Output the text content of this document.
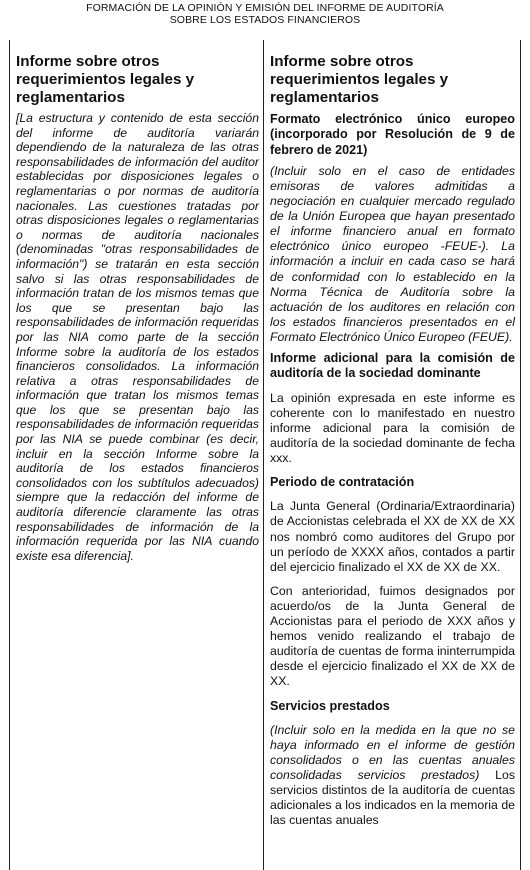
FORMACIÓN DE LA OPINIÓN Y EMISIÓN DEL INFORME DE AUDITORÍA
SOBRE LOS ESTADOS FINANCIEROS
Informe sobre otros requerimientos legales y reglamentarios

[La estructura y contenido de esta sección del informe de auditoría variarán dependiendo de la naturaleza de las otras responsabilidades de información del auditor establecidas por disposiciones legales o reglamentarias o por normas de auditoría nacionales. Las cuestiones tratadas por otras disposiciones legales o reglamentarias o normas de auditoría nacionales (denominadas "otras responsabilidades de información") se tratarán en esta sección salvo si las otras responsabilidades de información tratan de los mismos temas que los que se presentan bajo las responsabilidades de información requeridas por las NIA como parte de la sección Informe sobre la auditoría de los estados financieros consolidados. La información relativa a otras responsabilidades de información que tratan los mismos temas que los que se presentan bajo las responsabilidades de información requeridas por las NIA se puede combinar (es decir, incluir en la sección Informe sobre la auditoría de los estados financieros consolidados con los subtítulos adecuados) siempre que la redacción del informe de auditoría diferencie claramente las otras responsabilidades de información de la información requerida por las NIA cuando existe esa diferencia].

Informe sobre otros requerimientos legales y reglamentarios
Formato electrónico único europeo (incorporado por Resolución de 9 de febrero de 2021)

(Incluir solo en el caso de entidades emisoras de valores admitidas a negociación en cualquier mercado regulado de la Unión Europea que hayan presentado el informe financiero anual en formato electrónico único europeo -FEUE-). La información a incluir en cada caso se hará de conformidad con lo establecido en la Norma Técnica de Auditoría sobre la actuación de los auditores en relación con los estados financieros presentados en el Formato Electrónico Único Europeo (FEUE).

Informe adicional para la comisión de auditoría de la sociedad dominante

La opinión expresada en este informe es coherente con lo manifestado en nuestro informe adicional para la comisión de auditoría de la sociedad dominante de fecha xxx.

Periodo de contratación

La Junta General (Ordinaria/Extraordinaria) de Accionistas celebrada el XX de XX de XX nos nombró como auditores del Grupo por un período de XXXX años, contados a partir del ejercicio finalizado el XX de XX de XX.

Con anterioridad, fuimos designados por acuerdo/os de la Junta General de Accionistas para el periodo de XXX años y hemos venido realizando el trabajo de auditoría de cuentas de forma ininterrumpida desde el ejercicio finalizado el XX de XX de XX.

Servicios prestados

(Incluir solo en la medida en la que no se haya informado en el informe de gestión consolidados o en las cuentas anuales consolidadas servicios prestados) Los servicios distintos de la auditoría de cuentas adicionales a los indicados en la memoria de las cuentas anuales
